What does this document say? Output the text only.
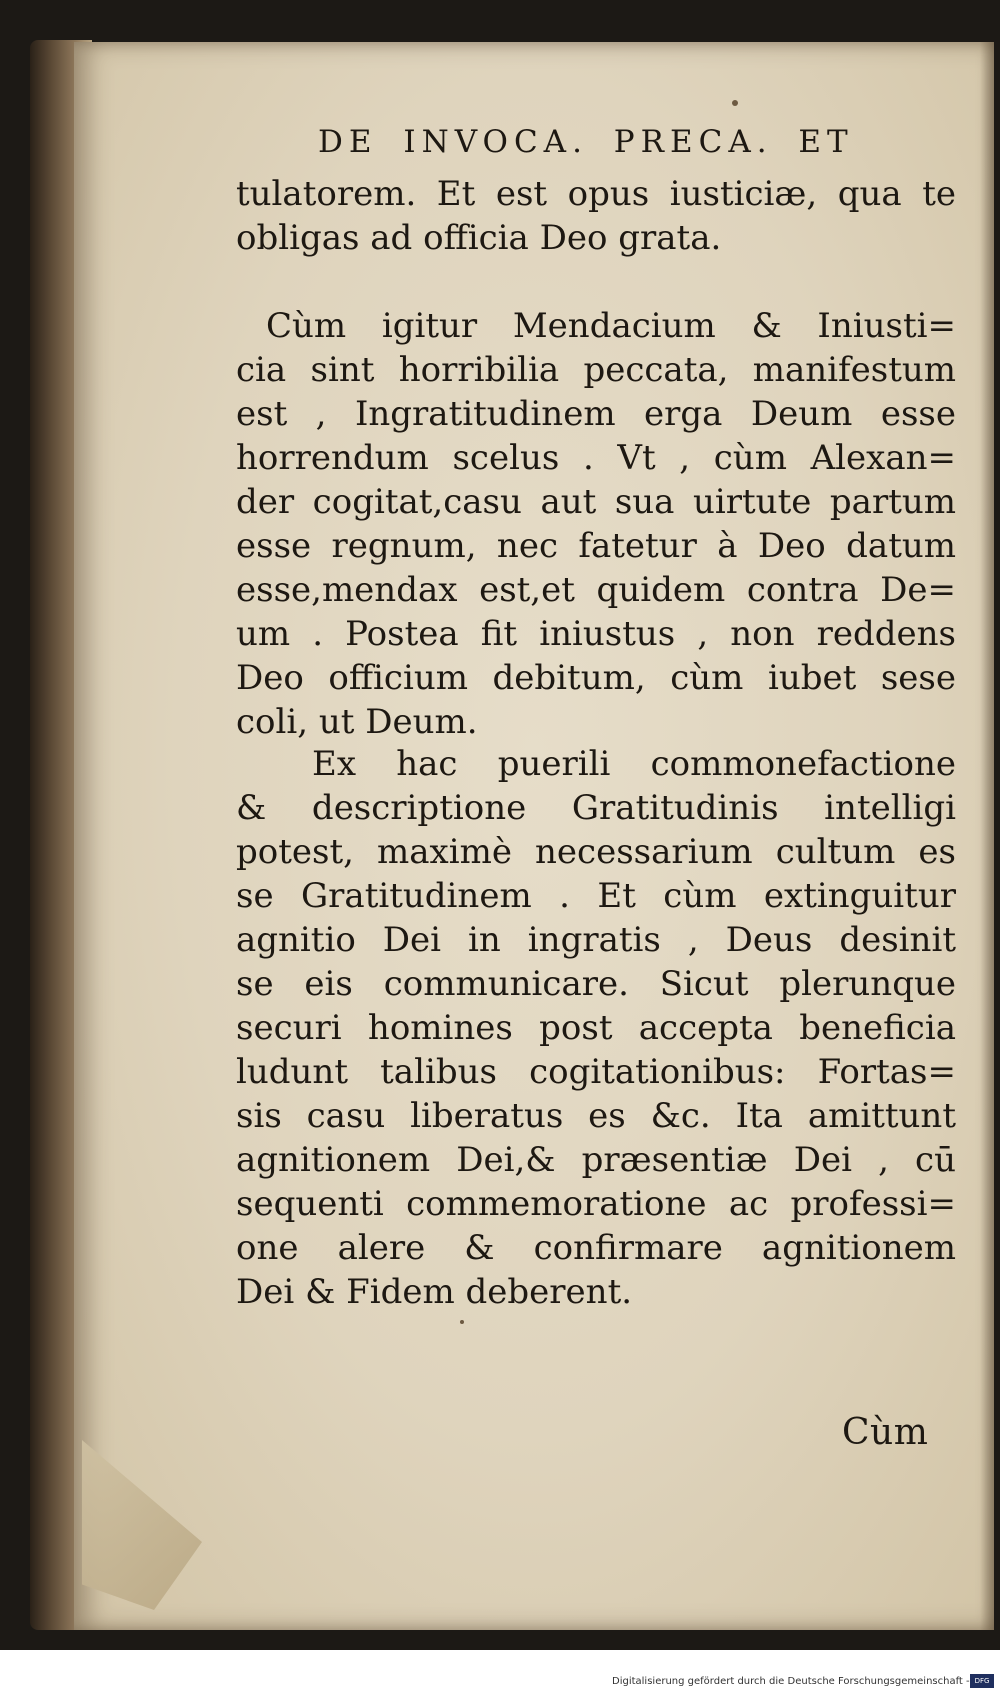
DE INVOCA. PRECA. ET

tulatorem. Et est opus iusticiæ, qua te

obligas ad officia Deo grata.

Cùm igitur Mendacium & Iniusti=

cia sint horribilia peccata, manifestum

est , Ingratitudinem erga Deum esse

horrendum scelus . Vt , cùm Alexan=

der cogitat,casu aut sua uirtute partum

esse regnum, nec fatetur à Deo datum

esse,mendax est,et quidem contra De=

um . Postea fit iniustus , non reddens

Deo officium debitum, cùm iubet sese

coli, ut Deum.

Ex hac puerili commonefactione

& descriptione Gratitudinis intelligi

potest, maximè necessarium cultum es

se Gratitudinem . Et cùm extinguitur

agnitio Dei in ingratis , Deus desinit

se eis communicare. Sicut plerunque

securi homines post accepta beneficia

ludunt talibus cogitationibus: Fortas=

sis casu liberatus es &c. Ita amittunt

agnitionem Dei,& præsentiæ Dei , cū

sequenti commemoratione ac professi=

one alere & confirmare agnitionem

Dei & Fidem deberent.

Cùm

Digitalisierung gefördert durch die Deutsche Forschungsgemeinschaft - DFG
